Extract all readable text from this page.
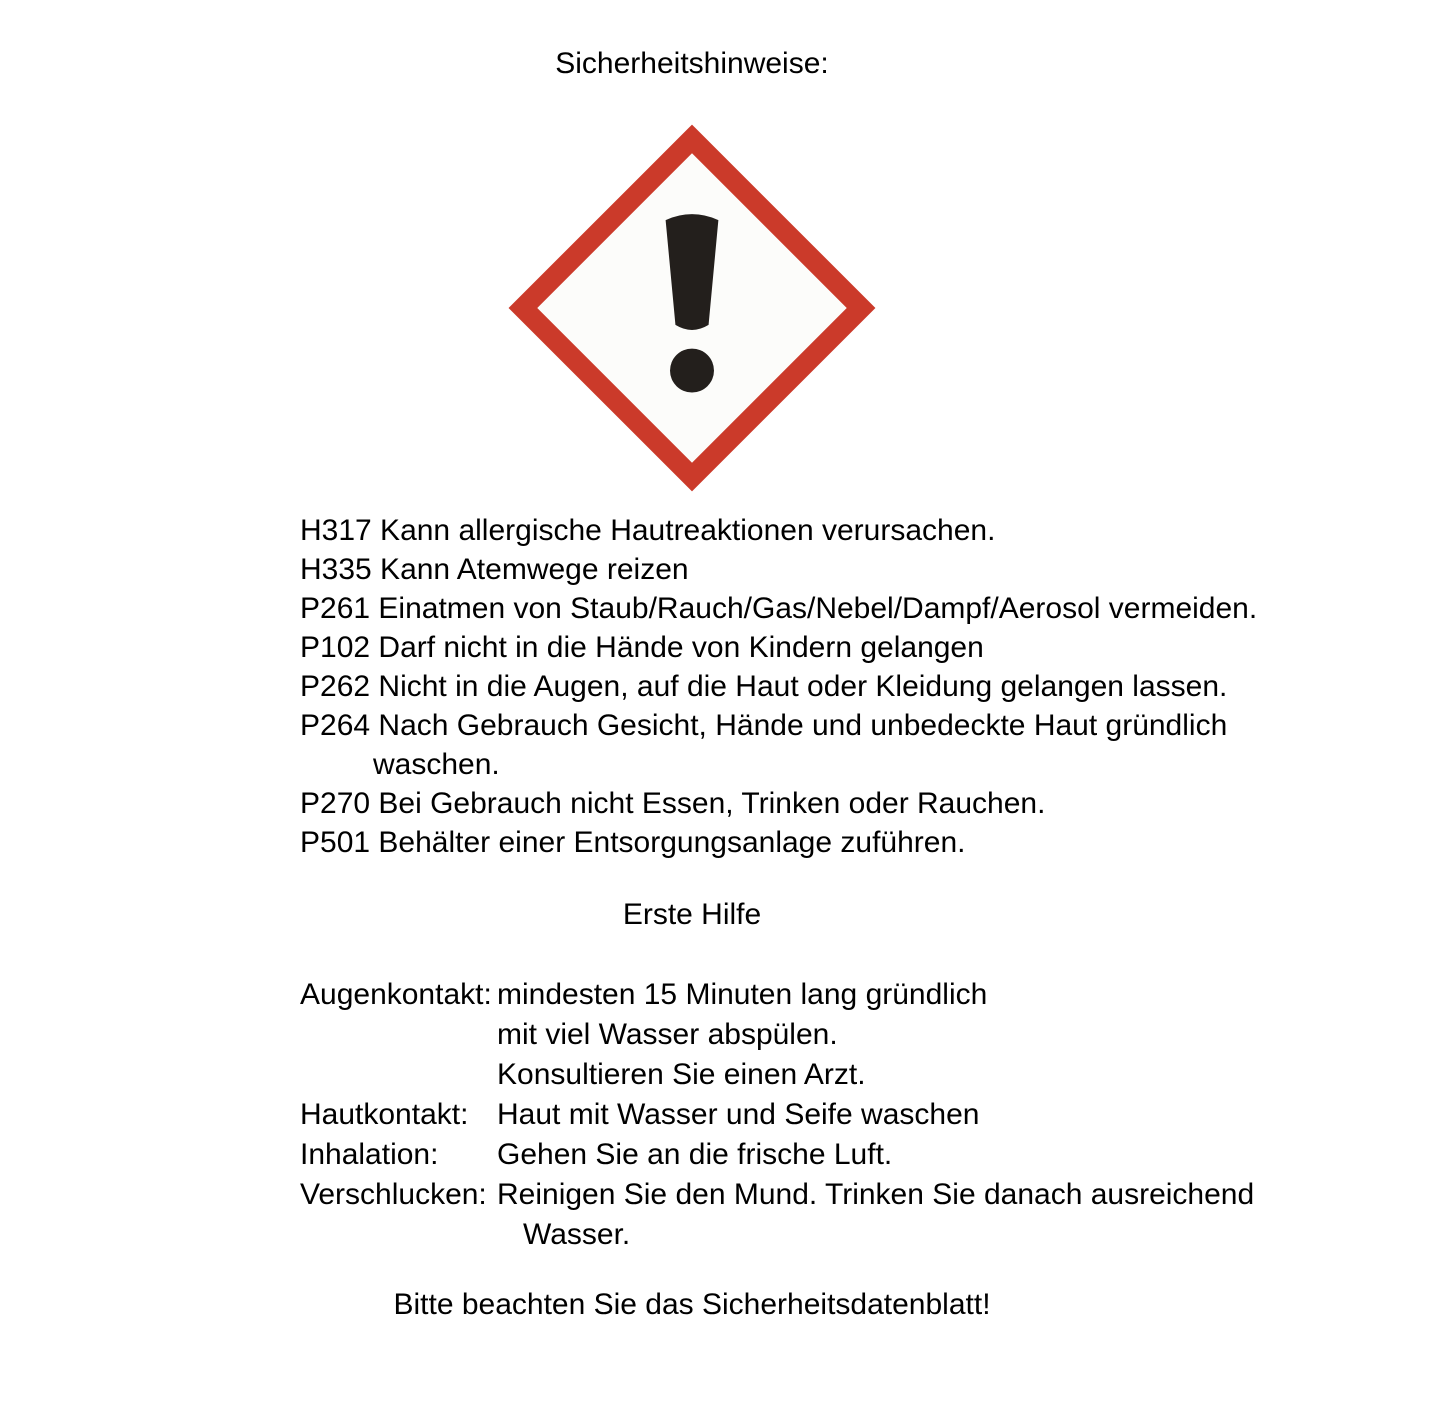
Sicherheitshinweise:
H317 Kann allergische Hautreaktionen verursachen.
H335 Kann Atemwege reizen
P261 Einatmen von Staub/Rauch/Gas/Nebel/Dampf/Aerosol vermeiden.
P102 Darf nicht in die Hände von Kindern gelangen
P262 Nicht in die Augen, auf die Haut oder Kleidung gelangen lassen.
P264 Nach Gebrauch Gesicht, Hände und unbedeckte Haut gründlich
waschen.
P270 Bei Gebrauch nicht Essen, Trinken oder Rauchen.
P501 Behälter einer Entsorgungsanlage zuführen.
Erste Hilfe
Augenkontakt: mindesten 15 Minuten lang gründlich
mit viel Wasser abspülen.
Konsultieren Sie einen Arzt.
Hautkontakt: Haut mit Wasser und Seife waschen
Inhalation:	Gehen Sie an die frische Luft.
Verschlucken: Reinigen Sie den Mund. Trinken Sie danach ausreichend
Wasser.
Bitte beachten Sie das Sicherheitsdatenblatt!
